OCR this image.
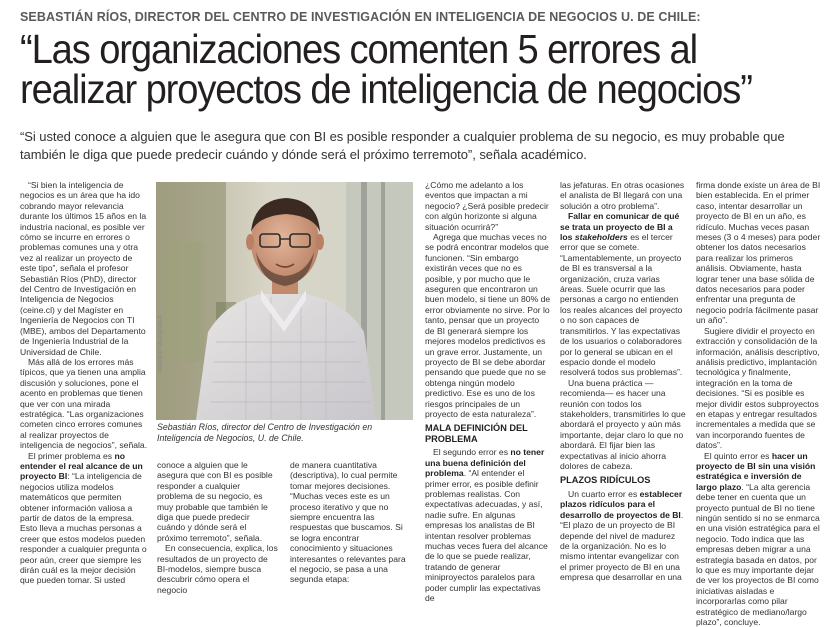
SEBASTIÁN RÍOS, DIRECTOR DEL CENTRO DE INVESTIGACIÓN EN INTELIGENCIA DE NEGOCIOS U. DE CHILE:
“Las organizaciones comenten 5 errores al
realizar proyectos de inteligencia de negocios”
“Si usted conoce a alguien que le asegura que con BI es posible responder a cualquier problema de su negocio, es muy probable que también le diga que puede predecir cuándo y dónde será el próximo terremoto”, señala académico.

“Si bien la inteligencia de negocios es un área que ha ido cobrando mayor relevancia durante los últimos 15 años en la industria nacional, es posible ver cómo se incurre en errores o problemas comunes una y otra vez al realizar un proyecto de este tipo”, señala el profesor Sebastián Ríos (PhD), director del Centro de Investigación en Inteligencia de Negocios (ceine.cl) y del Magíster en Ingeniería de Negocios con TI (MBE), ambos del Departamento de Ingeniería Industrial de la Universidad de Chile.

Más allá de los errores más típicos, que ya tienen una amplia discusión y soluciones, pone el acento en problemas que tienen que ver con una mirada estratégica. “Las organizaciones cometen cinco errores comunes al realizar proyectos de inteligencia de negocios”, señala.

El primer problema es no entender el real alcance de un proyecto BI: “La inteligencia de negocios utiliza modelos matemáticos que permiten obtener información valiosa a partir de datos de la empresa. Esto lleva a muchas personas a creer que estos modelos pueden responder a cualquier pregunta o peor aún, creer que siempre les dirán cuál es la mejor decisión que pueden tomar. Si usted

PATRICIO VALENZUELA
Sebastián Ríos, director del Centro de Investigación en Inteligencia de Negocios, U. de Chile.

conoce a alguien que le asegura que con BI es posible responder a cualquier problema de su negocio, es muy probable que también le diga que puede predecir cuándo y dónde será el próximo terremoto”, señala.

En consecuencia, explica, los resultados de un proyecto de BI-modelos, siempre busca descubrir cómo opera el negocio

de manera cuantitativa (descriptiva), lo cual permite tomar mejores decisiones. “Muchas veces este es un proceso iterativo y que no siempre encuentra las respuestas que buscamos. Si se logra encontrar conocimiento y situaciones interesantes o relevantes para el negocio, se pasa a una segunda etapa:

¿Cómo me adelanto a los eventos que impactan a mi negocio? ¿Será posible predecir con algún horizonte si alguna situación ocurrirá?”

Agrega que muchas veces no se podrá encontrar modelos que funcionen. “Sin embargo existirán veces que no es posible, y por mucho que le aseguren que encontraron un buen modelo, si tiene un 80% de error obviamente no sirve. Por lo tanto, pensar que un proyecto de BI generará siempre los mejores modelos predictivos es un grave error. Justamente, un proyecto de BI se debe abordar pensando que puede que no se obtenga ningún modelo predictivo. Ese es uno de los riesgos principales de un proyecto de esta naturaleza”.

MALA DEFINICIÓN DEL PROBLEMA

El segundo error es no tener una buena definición del problema. “Al entender el primer error, es posible definir problemas realistas. Con expectativas adecuadas, y así, nadie sufre. En algunas empresas los analistas de BI intentan resolver problemas muchas veces fuera del alcance de lo que se puede realizar, tratando de generar miniproyectos paralelos para poder cumplir las expectativas de

las jefaturas. En otras ocasiones el analista de BI llegará con una solución a otro problema”.

Fallar en comunicar de qué se trata un proyecto de BI a los stakeholders es el tercer error que se comete. “Lamentablemente, un proyecto de BI es transversal a la organización, cruza varias áreas. Suele ocurrir que las personas a cargo no entienden los reales alcances del proyecto o no son capaces de transmitirlos. Y las expectativas de los usuarios o colaboradores por lo general se ubican en el espacio donde el modelo resolverá todos sus problemas”.

Una buena práctica —recomienda— es hacer una reunión con todos los stakeholders, transmitirles lo que abordará el proyecto y aún más importante, dejar claro lo que no abordará. El fijar bien las expectativas al inicio ahorra dolores de cabeza.

PLAZOS RIDÍCULOS

Un cuarto error es establecer plazos ridículos para el desarrollo de proyectos de BI. “El plazo de un proyecto de BI depende del nivel de madurez de la organización. No es lo mismo intentar evangelizar con el primer proyecto de BI en una empresa que desarrollar en una

firma donde existe un área de BI bien establecida. En el primer caso, intentar desarrollar un proyecto de BI en un año, es ridículo. Muchas veces pasan meses (3 o 4 meses) para poder obtener los datos necesarios para realizar los primeros análisis. Obviamente, hasta lograr tener una base sólida de datos necesarios para poder enfrentar una pregunta de negocio podría fácilmente pasar un año”.

Sugiere dividir el proyecto en extracción y consolidación de la información, análisis descriptivo, análisis predictivo, implantación tecnológica y finalmente, integración en la toma de decisiones. “Si es posible es mejor dividir estos subproyectos en etapas y entregar resultados incrementales a medida que se van incorporando fuentes de datos”.

El quinto error es hacer un proyecto de BI sin una visión estratégica e inversión de largo plazo. “La alta gerencia debe tener en cuenta que un proyecto puntual de BI no tiene ningún sentido si no se enmarca en una visión estratégica para el negocio. Todo indica que las empresas deben migrar a una estrategia basada en datos, por lo que es muy importante dejar de ver los proyectos de BI como iniciativas aisladas e incorporarlas como pilar estratégico de mediano/largo plazo”, concluye.
